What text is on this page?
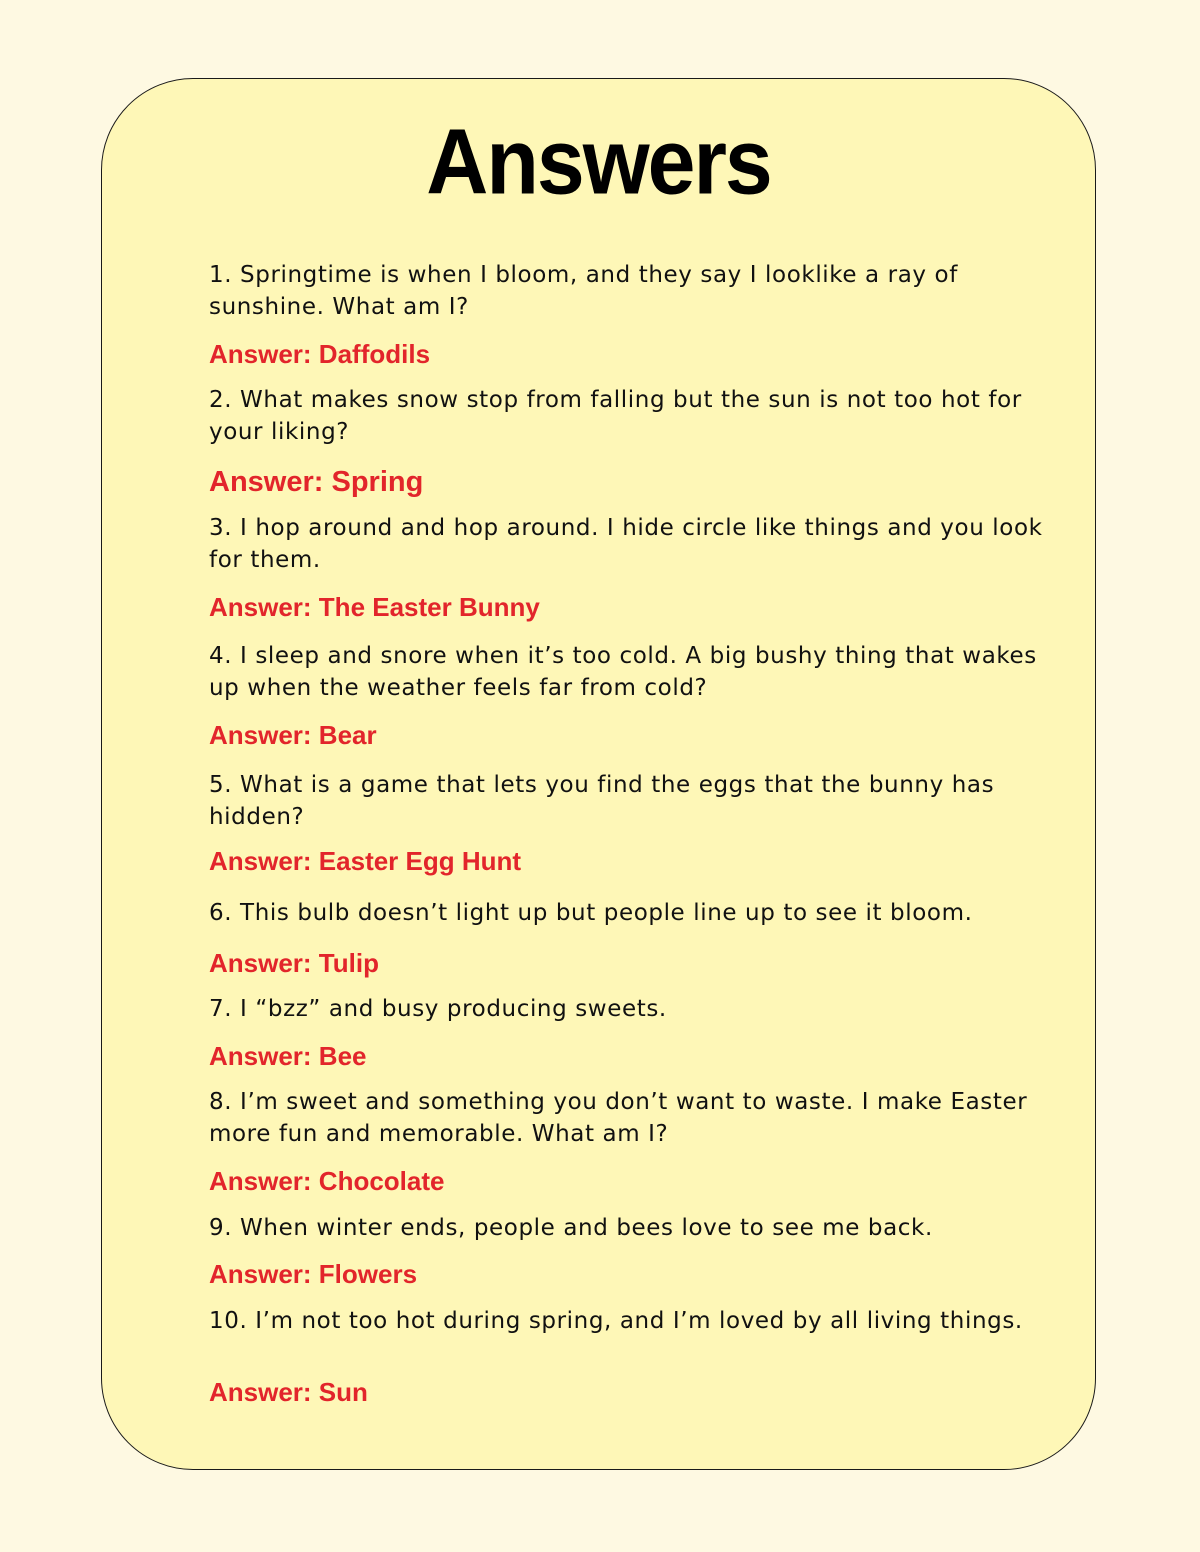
Answers

1. Springtime is when I bloom, and they say I looklike a ray of sunshine. What am I?

Answer: Daffodils

2. What makes snow stop from falling but the sun is not too hot for your liking?

Answer: Spring

3. I hop around and hop around. I hide circle like things and you look for them.

Answer: The Easter Bunny

4. I sleep and snore when it’s too cold. A big bushy thing that wakes up when the weather feels far from cold?

Answer: Bear

5. What is a game that lets you find the eggs that the bunny has hidden?

Answer: Easter Egg Hunt

6. This bulb doesn’t light up but people line up to see it bloom.

Answer: Tulip

7. I “bzz” and busy producing sweets.

Answer: Bee

8. I’m sweet and something you don’t want to waste. I make Easter more fun and memorable. What am I?

Answer: Chocolate

9. When winter ends, people and bees love to see me back.

Answer: Flowers

10. I’m not too hot during spring, and I’m loved by all living things.

Answer: Sun
